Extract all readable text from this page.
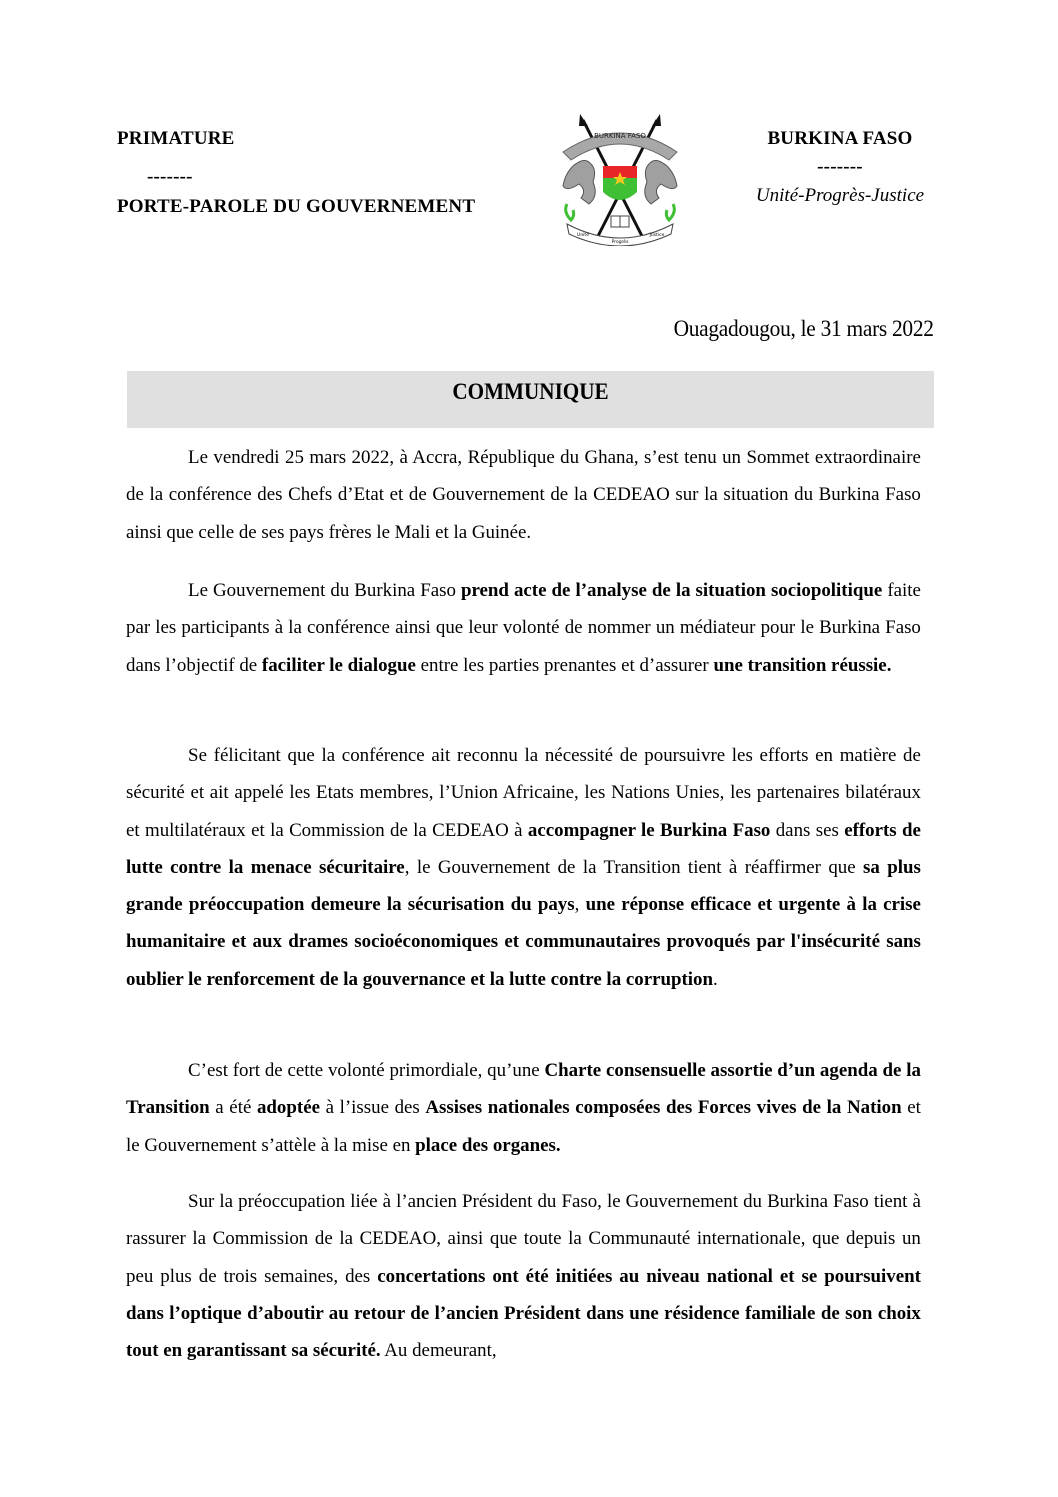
PRIMATURE
-------
PORTE-PAROLE DU GOUVERNEMENT
BURKINA FASO
Unité
Progrès
Justice
BURKINA FASO
-------
Unité-Progrès-Justice
Ouagadougou, le 31 mars 2022
COMMUNIQUE
Le vendredi 25 mars 2022, à Accra, République du Ghana, s’est tenu un Sommet extraordinaire de la conférence des Chefs d’Etat et de Gouvernement de la CEDEAO sur la situation du Burkina Faso ainsi que celle de ses pays frères le Mali et la Guinée.
Le Gouvernement du Burkina Faso prend acte de l’analyse de la situation sociopolitique faite par les participants à la conférence ainsi que leur volonté de nommer un médiateur pour le Burkina Faso dans l’objectif de faciliter le dialogue entre les parties prenantes et d’assurer une transition réussie.
Se félicitant que la conférence ait reconnu la nécessité de poursuivre les efforts en matière de sécurité et ait appelé les Etats membres, l’Union Africaine, les Nations Unies, les partenaires bilatéraux et multilatéraux et la Commission de la CEDEAO à accompagner le Burkina Faso dans ses efforts de lutte contre la menace sécuritaire, le Gouvernement de la Transition tient à réaffirmer que sa plus grande préoccupation demeure la sécurisation du pays, une réponse efficace et urgente à la crise humanitaire et aux drames socioéconomiques et communautaires provoqués par l'insécurité sans oublier le renforcement de la gouvernance et la lutte contre la corruption.
C’est fort de cette volonté primordiale, qu’une Charte consensuelle assortie d’un agenda de la Transition a été adoptée à l’issue des Assises nationales composées des Forces vives de la Nation et le Gouvernement s’attèle à la mise en place des organes.
Sur la préoccupation liée à l’ancien Président du Faso, le Gouvernement du Burkina Faso tient à rassurer la Commission de la CEDEAO, ainsi que toute la Communauté internationale, que depuis un peu plus de trois semaines, des concertations ont été initiées au niveau national et se poursuivent dans l’optique d’aboutir au retour de l’ancien Président dans une résidence familiale de son choix tout en garantissant sa sécurité. Au demeurant,
